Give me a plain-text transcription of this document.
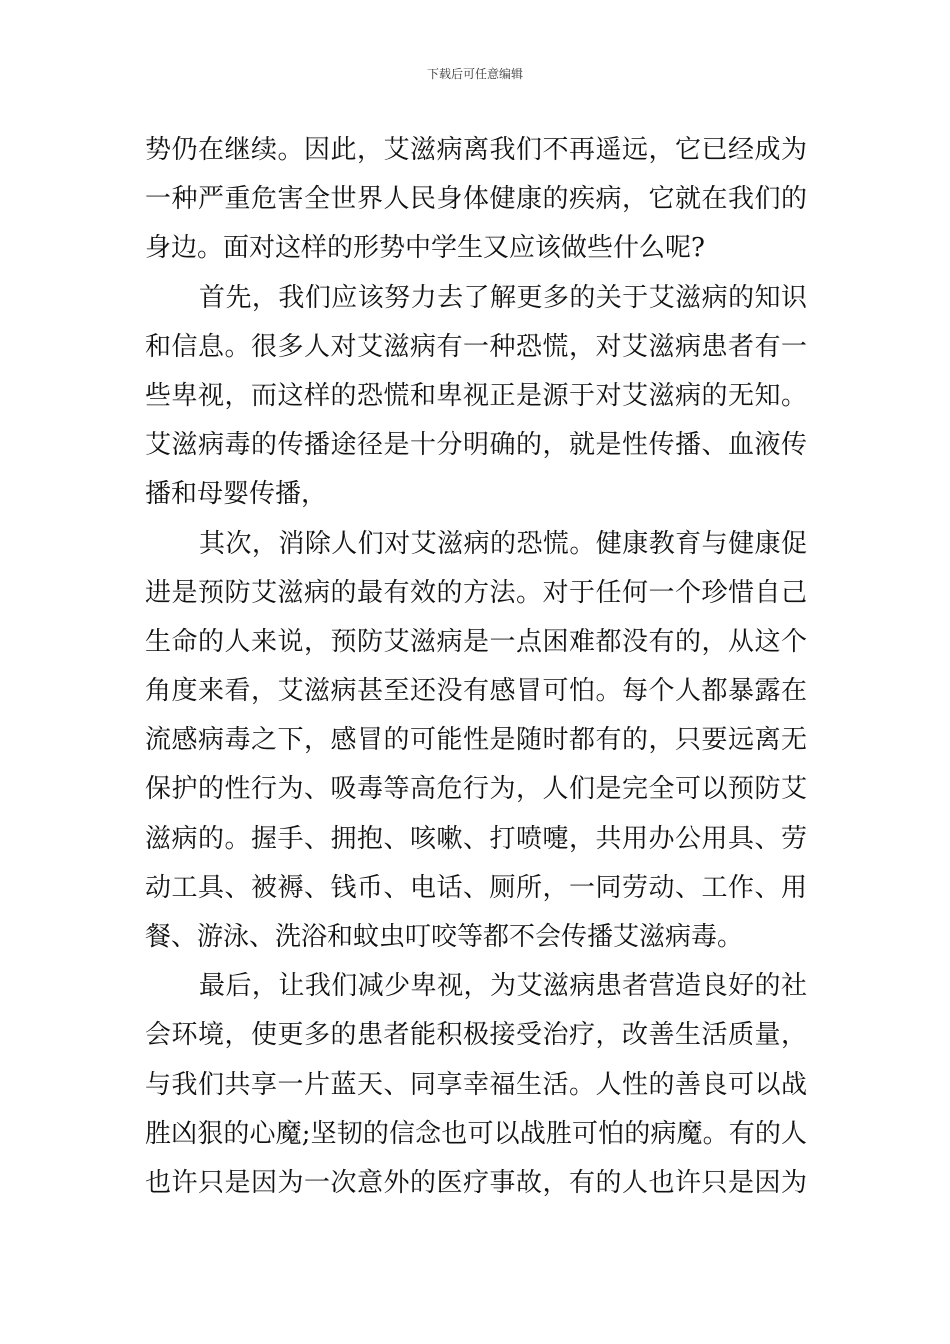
下载后可任意编辑
势仍在继续。因此，艾滋病离我们不再遥远，它已经成为
一种严重危害全世界人民身体健康的疾病，它就在我们的
身边。面对这样的形势中学生又应该做些什么呢?
首先，我们应该努力去了解更多的关于艾滋病的知识
和信息。很多人对艾滋病有一种恐慌，对艾滋病患者有一
些卑视，而这样的恐慌和卑视正是源于对艾滋病的无知。
艾滋病毒的传播途径是十分明确的，就是性传播、血液传
播和母婴传播，
其次，消除人们对艾滋病的恐慌。健康教育与健康促
进是预防艾滋病的最有效的方法。对于任何一个珍惜自己
生命的人来说，预防艾滋病是一点困难都没有的，从这个
角度来看，艾滋病甚至还没有感冒可怕。每个人都暴露在
流感病毒之下，感冒的可能性是随时都有的，只要远离无
保护的性行为、吸毒等高危行为，人们是完全可以预防艾
滋病的。握手、拥抱、咳嗽、打喷嚏，共用办公用具、劳
动工具、被褥、钱币、电话、厕所，一同劳动、工作、用
餐、游泳、洗浴和蚊虫叮咬等都不会传播艾滋病毒。
最后，让我们减少卑视，为艾滋病患者营造良好的社
会环境，使更多的患者能积极接受治疗，改善生活质量，
与我们共享一片蓝天、同享幸福生活。人性的善良可以战
胜凶狠的心魔;坚韧的信念也可以战胜可怕的病魔。有的人
也许只是因为一次意外的医疗事故，有的人也许只是因为
